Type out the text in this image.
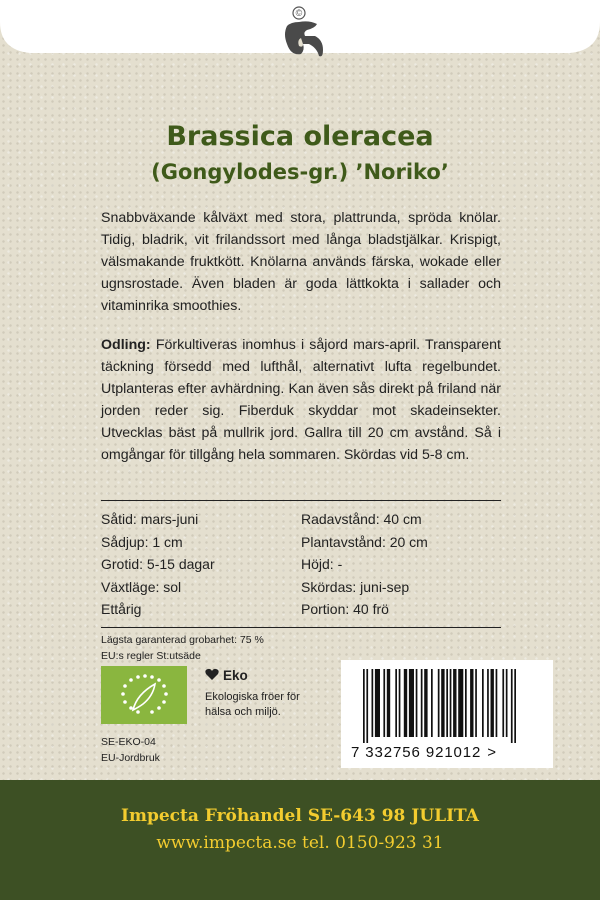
©
Brassica oleracea
(Gongylodes-gr.) ’Noriko’
Snabbväxande kålväxt med stora, plattrunda, spröda knölar. Tidig, bladrik, vit frilandssort med långa bladstjälkar. Krispigt, välsmakande fruktkött. Knölarna används färska, wokade eller ugnsrostade. Även bladen är goda lättkokta i sallader och vitaminrika smoothies.
Odling: Förkultiveras inomhus i såjord mars-april. Transparent täckning försedd med lufthål, alternativt lufta regelbundet. Utplanteras efter avhärdning. Kan även sås direkt på friland när jorden reder sig. Fiberduk skyddar mot skadeinsekter. Utvecklas bäst på mullrik jord. Gallra till 20 cm avstånd. Så i omgångar för tillgång hela sommaren. Skördas vid 5-8 cm.
Såtid: mars-juni
Sådjup: 1 cm
Grotid: 5-15 dagar
Växtläge: sol
Ettårig
Radavstånd: 40 cm
Plantavstånd: 20 cm
Höjd: -
Skördas: juni-sep
Portion: 40 frö
Lägsta garanterad grobarhet: 75 %
EU:s regler St:utsäde
Eko
Ekologiska fröer för
hälsa och miljö.
SE-EKO-04
EU-Jordbruk	7 332756 921012 >
Impecta Fröhandel SE-643 98 JULITA
www.impecta.se tel. 0150-923 31
